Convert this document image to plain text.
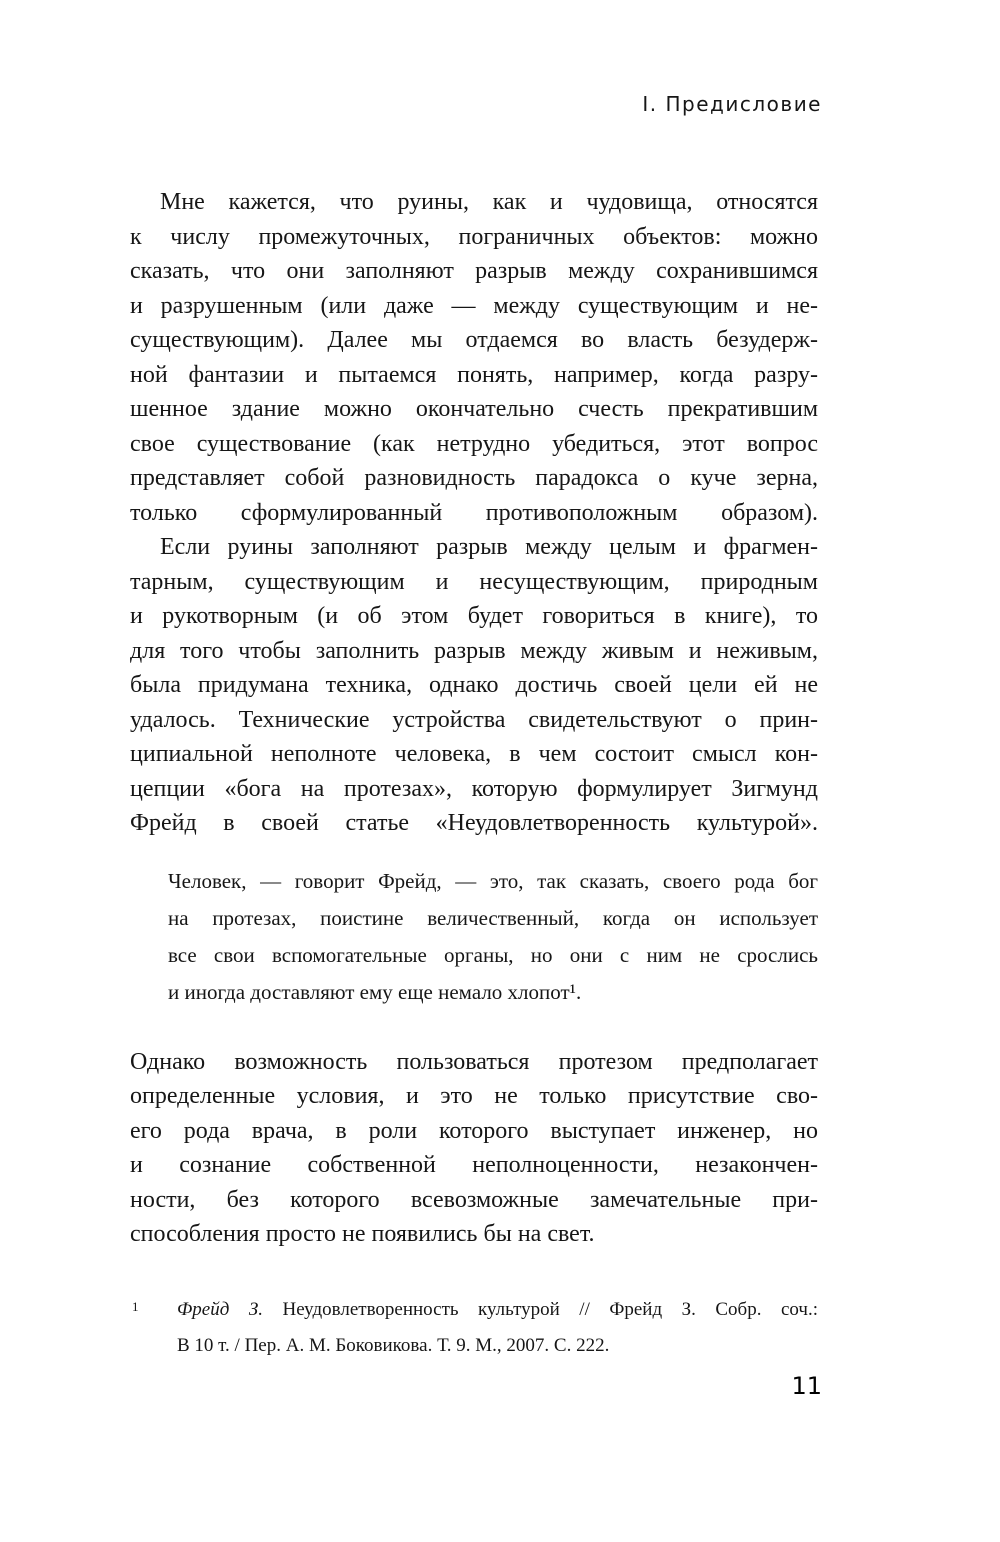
I. Предисловие
Мне кажется, что руины, как и чудовища, относятся
к числу промежуточных, пограничных объектов: можно
сказать, что они заполняют разрыв между сохранившимся
и разрушенным (или даже — между существующим и не-
существующим). Далее мы отдаемся во власть безудерж-
ной фантазии и пытаемся понять, например, когда разру-
шенное здание можно окончательно счесть прекратившим
свое существование (как нетрудно убедиться, этот вопрос
представляет собой разновидность парадокса о куче зерна,
только сформулированный противоположным образом).
Если руины заполняют разрыв между целым и фрагмен-
тарным, существующим и несуществующим, природным
и рукотворным (и об этом будет говориться в книге), то
для того чтобы заполнить разрыв между живым и неживым,
была придумана техника, однако достичь своей цели ей не
удалось. Технические устройства свидетельствуют о прин-
ципиальной неполноте человека, в чем состоит смысл кон-
цепции «бога на протезах», которую формулирует Зигмунд
Фрейд в своей статье «Неудовлетворенность культурой».
Человек, — говорит Фрейд, — это, так сказать, своего рода бог
на протезах, поистине величественный, когда он использует
все свои вспомогательные органы, но они с ним не срослись
и иногда доставляют ему еще немало хлопот¹.
Однако возможность пользоваться протезом предполагает
определенные условия, и это не только присутствие сво-
его рода врача, в роли которого выступает инженер, но
и сознание собственной неполноценности, незакончен-
ности, без которого всевозможные замечательные при-
способления просто не появились бы на свет.
1	Фрейд З. Неудовлетворенность культурой // Фрейд З. Собр. соч.:
В 10 т. / Пер. А. М. Боковикова. Т. 9. М., 2007. С. 222.
11
